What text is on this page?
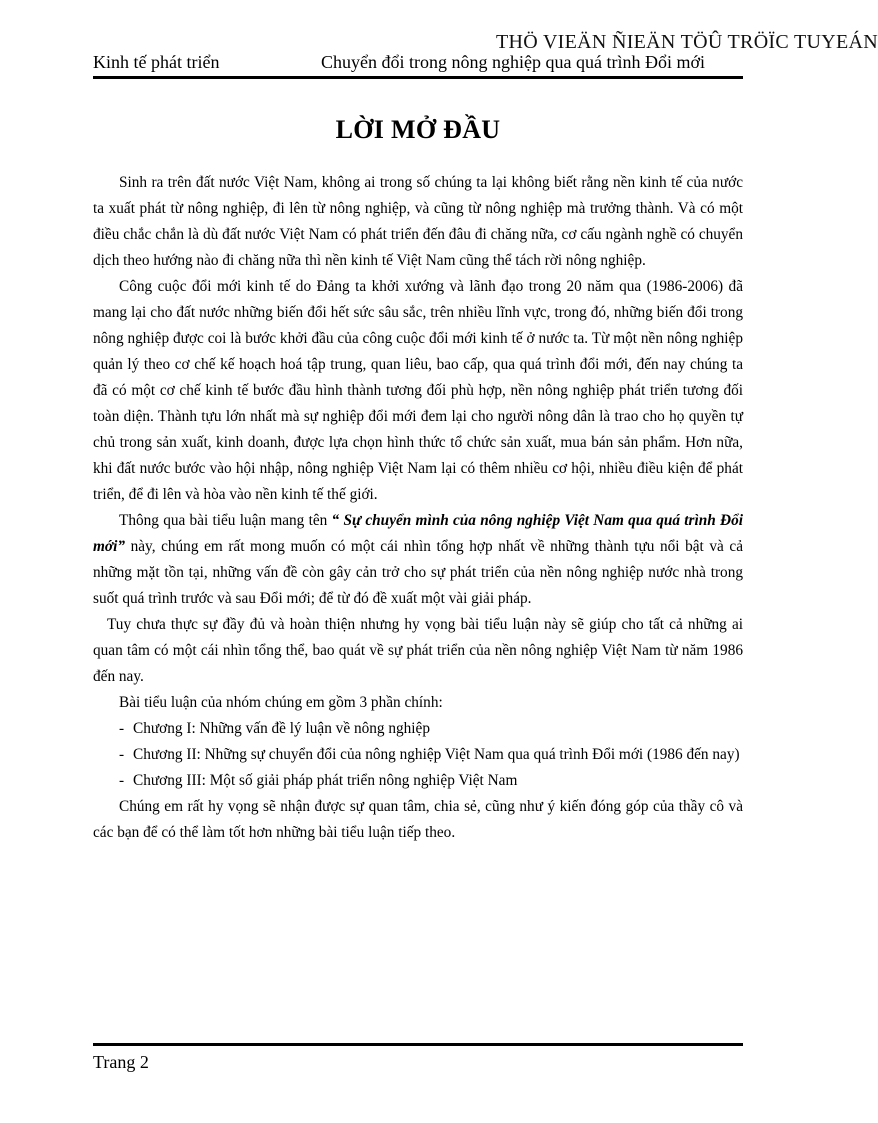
THÖ VIEÄN ÑIEÄN TÖÛ TRÖÏC TUYEÁN
Kinh tế phát triển	Chuyển đổi trong nông nghiệp qua quá trình Đổi mới
LỜI MỞ ĐẦU

Sinh ra trên đất nước Việt Nam, không ai trong số chúng ta lại không biết rằng nền kinh tế của nước ta xuất phát từ nông nghiệp, đi lên từ nông nghiệp, và cũng từ nông nghiệp mà trưởng thành. Và có một điều chắc chắn là dù đất nước Việt Nam có phát triển đến đâu đi chăng nữa, cơ cấu ngành nghề có chuyển dịch theo hướng nào đi chăng nữa thì nền kinh tế Việt Nam cũng thể tách rời nông nghiệp.

Công cuộc đổi mới kinh tế do Đảng ta khởi xướng và lãnh đạo trong 20 năm qua (1986-2006) đã mang lại cho đất nước những biến đổi hết sức sâu sắc, trên nhiều lĩnh vực, trong đó, những biến đổi trong nông nghiệp được coi là bước khởi đầu của công cuộc đổi mới kinh tế ở nước ta. Từ một nền nông nghiệp quản lý theo cơ chế kế hoạch hoá tập trung, quan liêu, bao cấp, qua quá trình đổi mới, đến nay chúng ta đã có một cơ chế kinh tế bước đầu hình thành tương đối phù hợp, nền nông nghiệp phát triển tương đối toàn diện. Thành tựu lớn nhất mà sự nghiệp đổi mới đem lại cho người nông dân là trao cho họ quyền tự chủ trong sản xuất, kinh doanh, được lựa chọn hình thức tổ chức sản xuất, mua bán sản phẩm. Hơn nữa, khi đất nước bước vào hội nhập, nông nghiệp Việt Nam lại có thêm nhiều cơ hội, nhiều điều kiện để phát triển, để đi lên và hòa vào nền kinh tế thế giới.

Thông qua bài tiểu luận mang tên “ Sự chuyển mình của nông nghiệp Việt Nam qua quá trình Đổi mới” này, chúng em rất mong muốn có một cái nhìn tổng hợp nhất về những thành tựu nổi bật và cả những mặt tồn tại, những vấn đề còn gây cản trở cho sự phát triển của nền nông nghiệp nước nhà trong suốt quá trình trước và sau Đổi mới; để từ đó đề xuất một vài giải pháp.

Tuy chưa thực sự đầy đủ và hoàn thiện nhưng hy vọng bài tiểu luận này sẽ giúp cho tất cả những ai quan tâm có một cái nhìn tổng thể, bao quát về sự phát triển của nền nông nghiệp Việt Nam từ năm 1986 đến nay.

Bài tiểu luận của nhóm chúng em gồm 3 phần chính:

- Chương I: Những vấn đề lý luận về nông nghiệp

- Chương II: Những sự chuyển đổi của nông nghiệp Việt Nam qua quá trình Đổi mới (1986 đến nay)

- Chương III: Một số giải pháp phát triển nông nghiệp Việt Nam

Chúng em rất hy vọng sẽ nhận được sự quan tâm, chia sẻ, cũng như ý kiến đóng góp của thầy cô và các bạn để có thể làm tốt hơn những bài tiểu luận tiếp theo.

Trang 2
